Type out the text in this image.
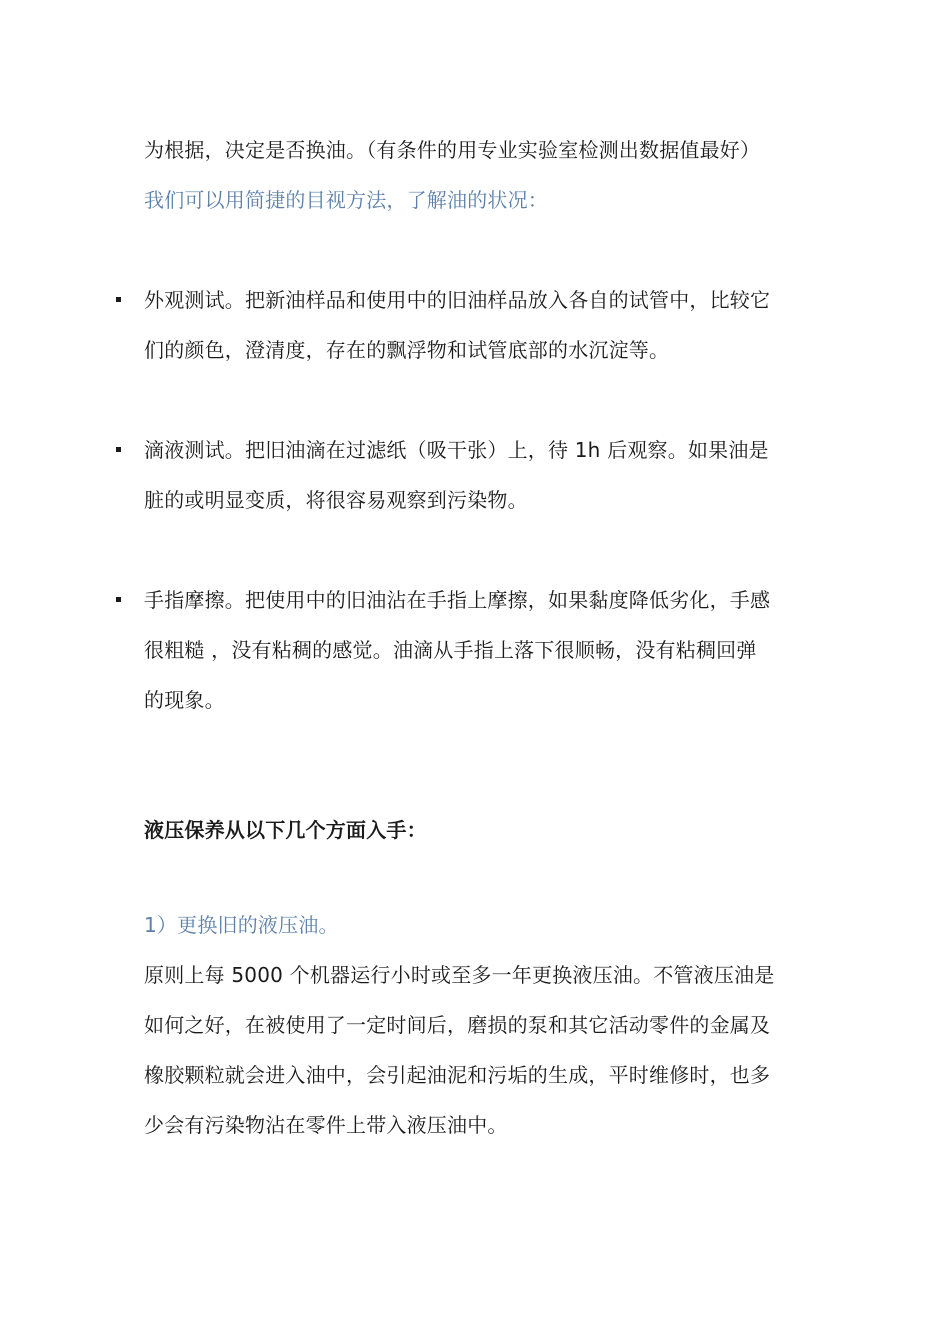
为根据，决定是否换油。（有条件的用专业实验室检测出数据值最好）
我们可以用简捷的目视方法，了解油的状况：
外观测试。把新油样品和使用中的旧油样品放入各自的试管中，比较它
们的颜色，澄清度，存在的飘浮物和试管底部的水沉淀等。
滴液测试。把旧油滴在过滤纸（吸干张）上，待 1h 后观察。如果油是
脏的或明显变质，将很容易观察到污染物。
手指摩擦。把使用中的旧油沾在手指上摩擦，如果黏度降低劣化，手感
很粗糙 ，没有粘稠的感觉。油滴从手指上落下很顺畅，没有粘稠回弹
的现象。
液压保养从以下几个方面入手：
1）更换旧的液压油。
原则上每 5000 个机器运行小时或至多一年更换液压油。不管液压油是
如何之好，在被使用了一定时间后，磨损的泵和其它活动零件的金属及
橡胶颗粒就会进入油中，会引起油泥和污垢的生成，平时维修时，也多
少会有污染物沾在零件上带入液压油中。
